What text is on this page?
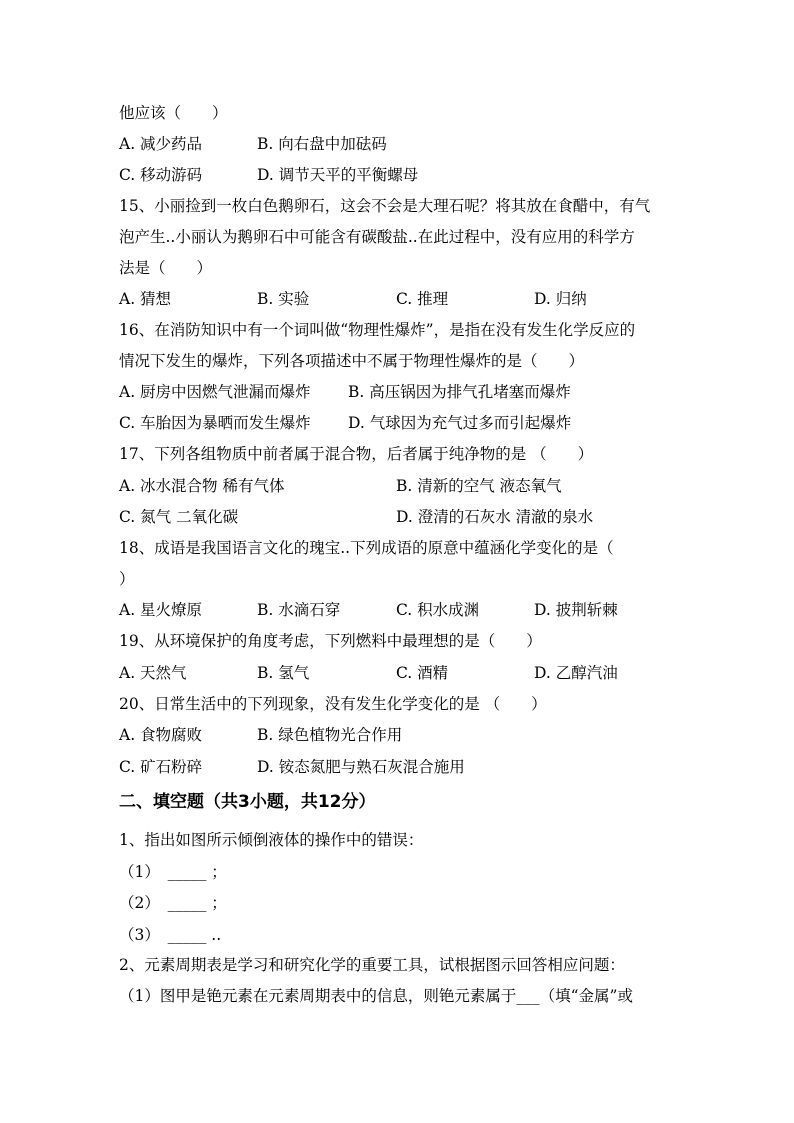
他应该（　　）
A. 减少药品	B. 向右盘中加砝码
C. 移动游码	D. 调节天平的平衡螺母
15、小丽捡到一枚白色鹅卵石，这会不会是大理石呢？将其放在食醋中，有气
泡产生..小丽认为鹅卵石中可能含有碳酸盐..在此过程中，没有应用的科学方
法是（　　）
A. 猜想	B. 实验	C. 推理	D. 归纳
16、在消防知识中有一个词叫做“物理性爆炸”，是指在没有发生化学反应的
情况下发生的爆炸，下列各项描述中不属于物理性爆炸的是（　　）
A. 厨房中因燃气泄漏而爆炸 B. 高压锅因为排气孔堵塞而爆炸
C. 车胎因为暴晒而发生爆炸 D. 气球因为充气过多而引起爆炸
17、下列各组物质中前者属于混合物，后者属于纯净物的是 （　　）
A. 冰水混合物 稀有气体	B. 清新的空气 液态氧气
C. 氮气 二氧化碳	D. 澄清的石灰水 清澈的泉水
18、成语是我国语言文化的瑰宝..下列成语的原意中蕴涵化学变化的是（
）
A. 星火燎原	B. 水滴石穿	C. 积水成渊	D. 披荆斩棘
19、从环境保护的角度考虑，下列燃料中最理想的是（　　）
A. 天然气	B. 氢气	C. 酒精	D. 乙醇汽油
20、日常生活中的下列现象，没有发生化学变化的是 （　　）
A. 食物腐败	B. 绿色植物光合作用
C. 矿石粉碎	D. 铵态氮肥与熟石灰混合施用
二、填空题（共3小题，共12分）
1、指出如图所示倾倒液体的操作中的错误：
（1）　_____ ；
（2）　_____ ；
（3）　_____ ..
2、元素周期表是学习和研究化学的重要工具，试根据图示回答相应问题：
（1）图甲是铯元素在元素周期表中的信息，则铯元素属于___（填“金属”或
